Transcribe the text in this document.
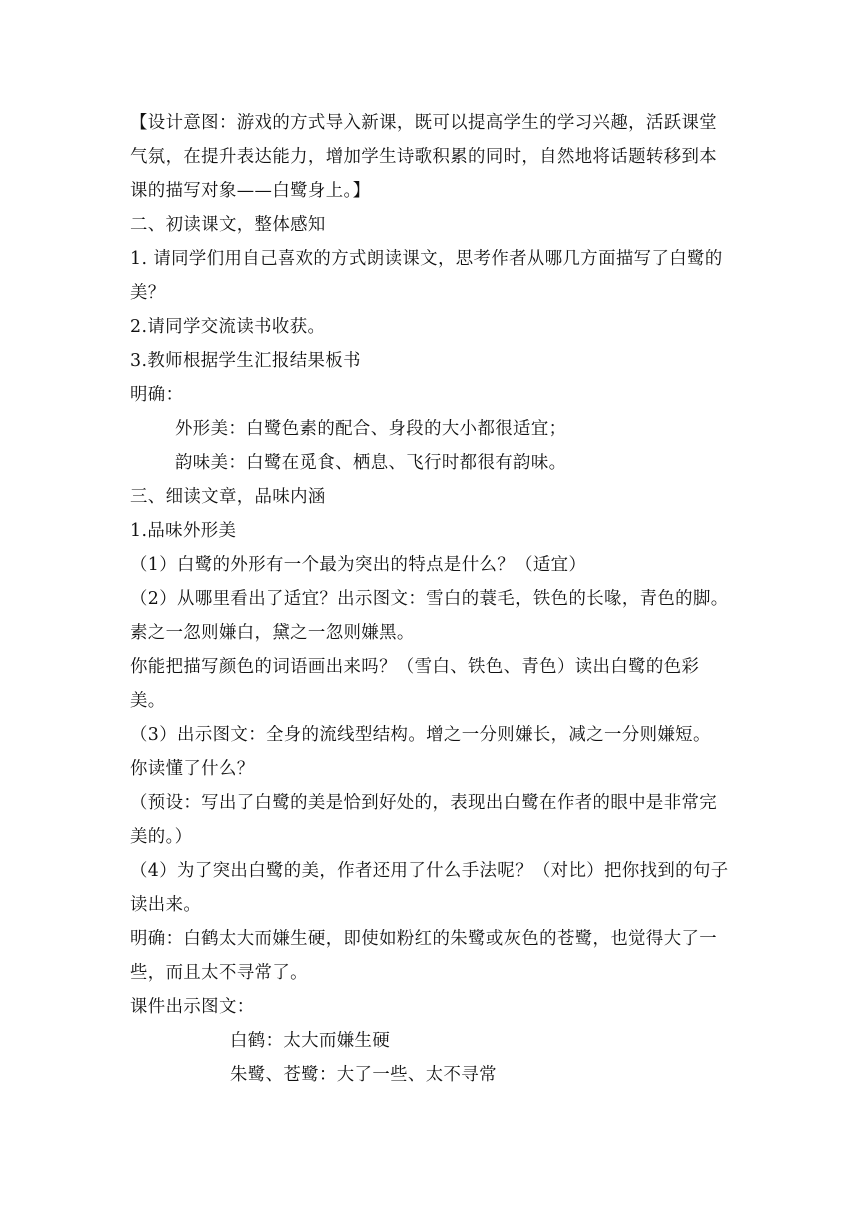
【设计意图：游戏的方式导入新课，既可以提高学生的学习兴趣，活跃课堂气氛，在提升表达能力，增加学生诗歌积累的同时，自然地将话题转移到本课的描写对象——白鹭身上。】

二、初读课文，整体感知

1. 请同学们用自己喜欢的方式朗读课文，思考作者从哪几方面描写了白鹭的美？

2.请同学交流读书收获。

3.教师根据学生汇报结果板书

明确：

外形美：白鹭色素的配合、身段的大小都很适宜；

韵味美：白鹭在觅食、栖息、飞行时都很有韵味。

三、细读文章，品味内涵

1.品味外形美

（1）白鹭的外形有一个最为突出的特点是什么？（适宜）

（2）从哪里看出了适宜？出示图文：雪白的蓑毛，铁色的长喙，青色的脚。素之一忽则嫌白，黛之一忽则嫌黑。

你能把描写颜色的词语画出来吗？（雪白、铁色、青色）读出白鹭的色彩美。

（3）出示图文：全身的流线型结构。增之一分则嫌长，减之一分则嫌短。

你读懂了什么？

（预设：写出了白鹭的美是恰到好处的，表现出白鹭在作者的眼中是非常完美的。）

（4）为了突出白鹭的美，作者还用了什么手法呢？（对比）把你找到的句子读出来。

明确：白鹤太大而嫌生硬，即使如粉红的朱鹭或灰色的苍鹭，也觉得大了一些，而且太不寻常了。

课件出示图文：

白鹤：太大而嫌生硬

朱鹭、苍鹭：大了一些、太不寻常
